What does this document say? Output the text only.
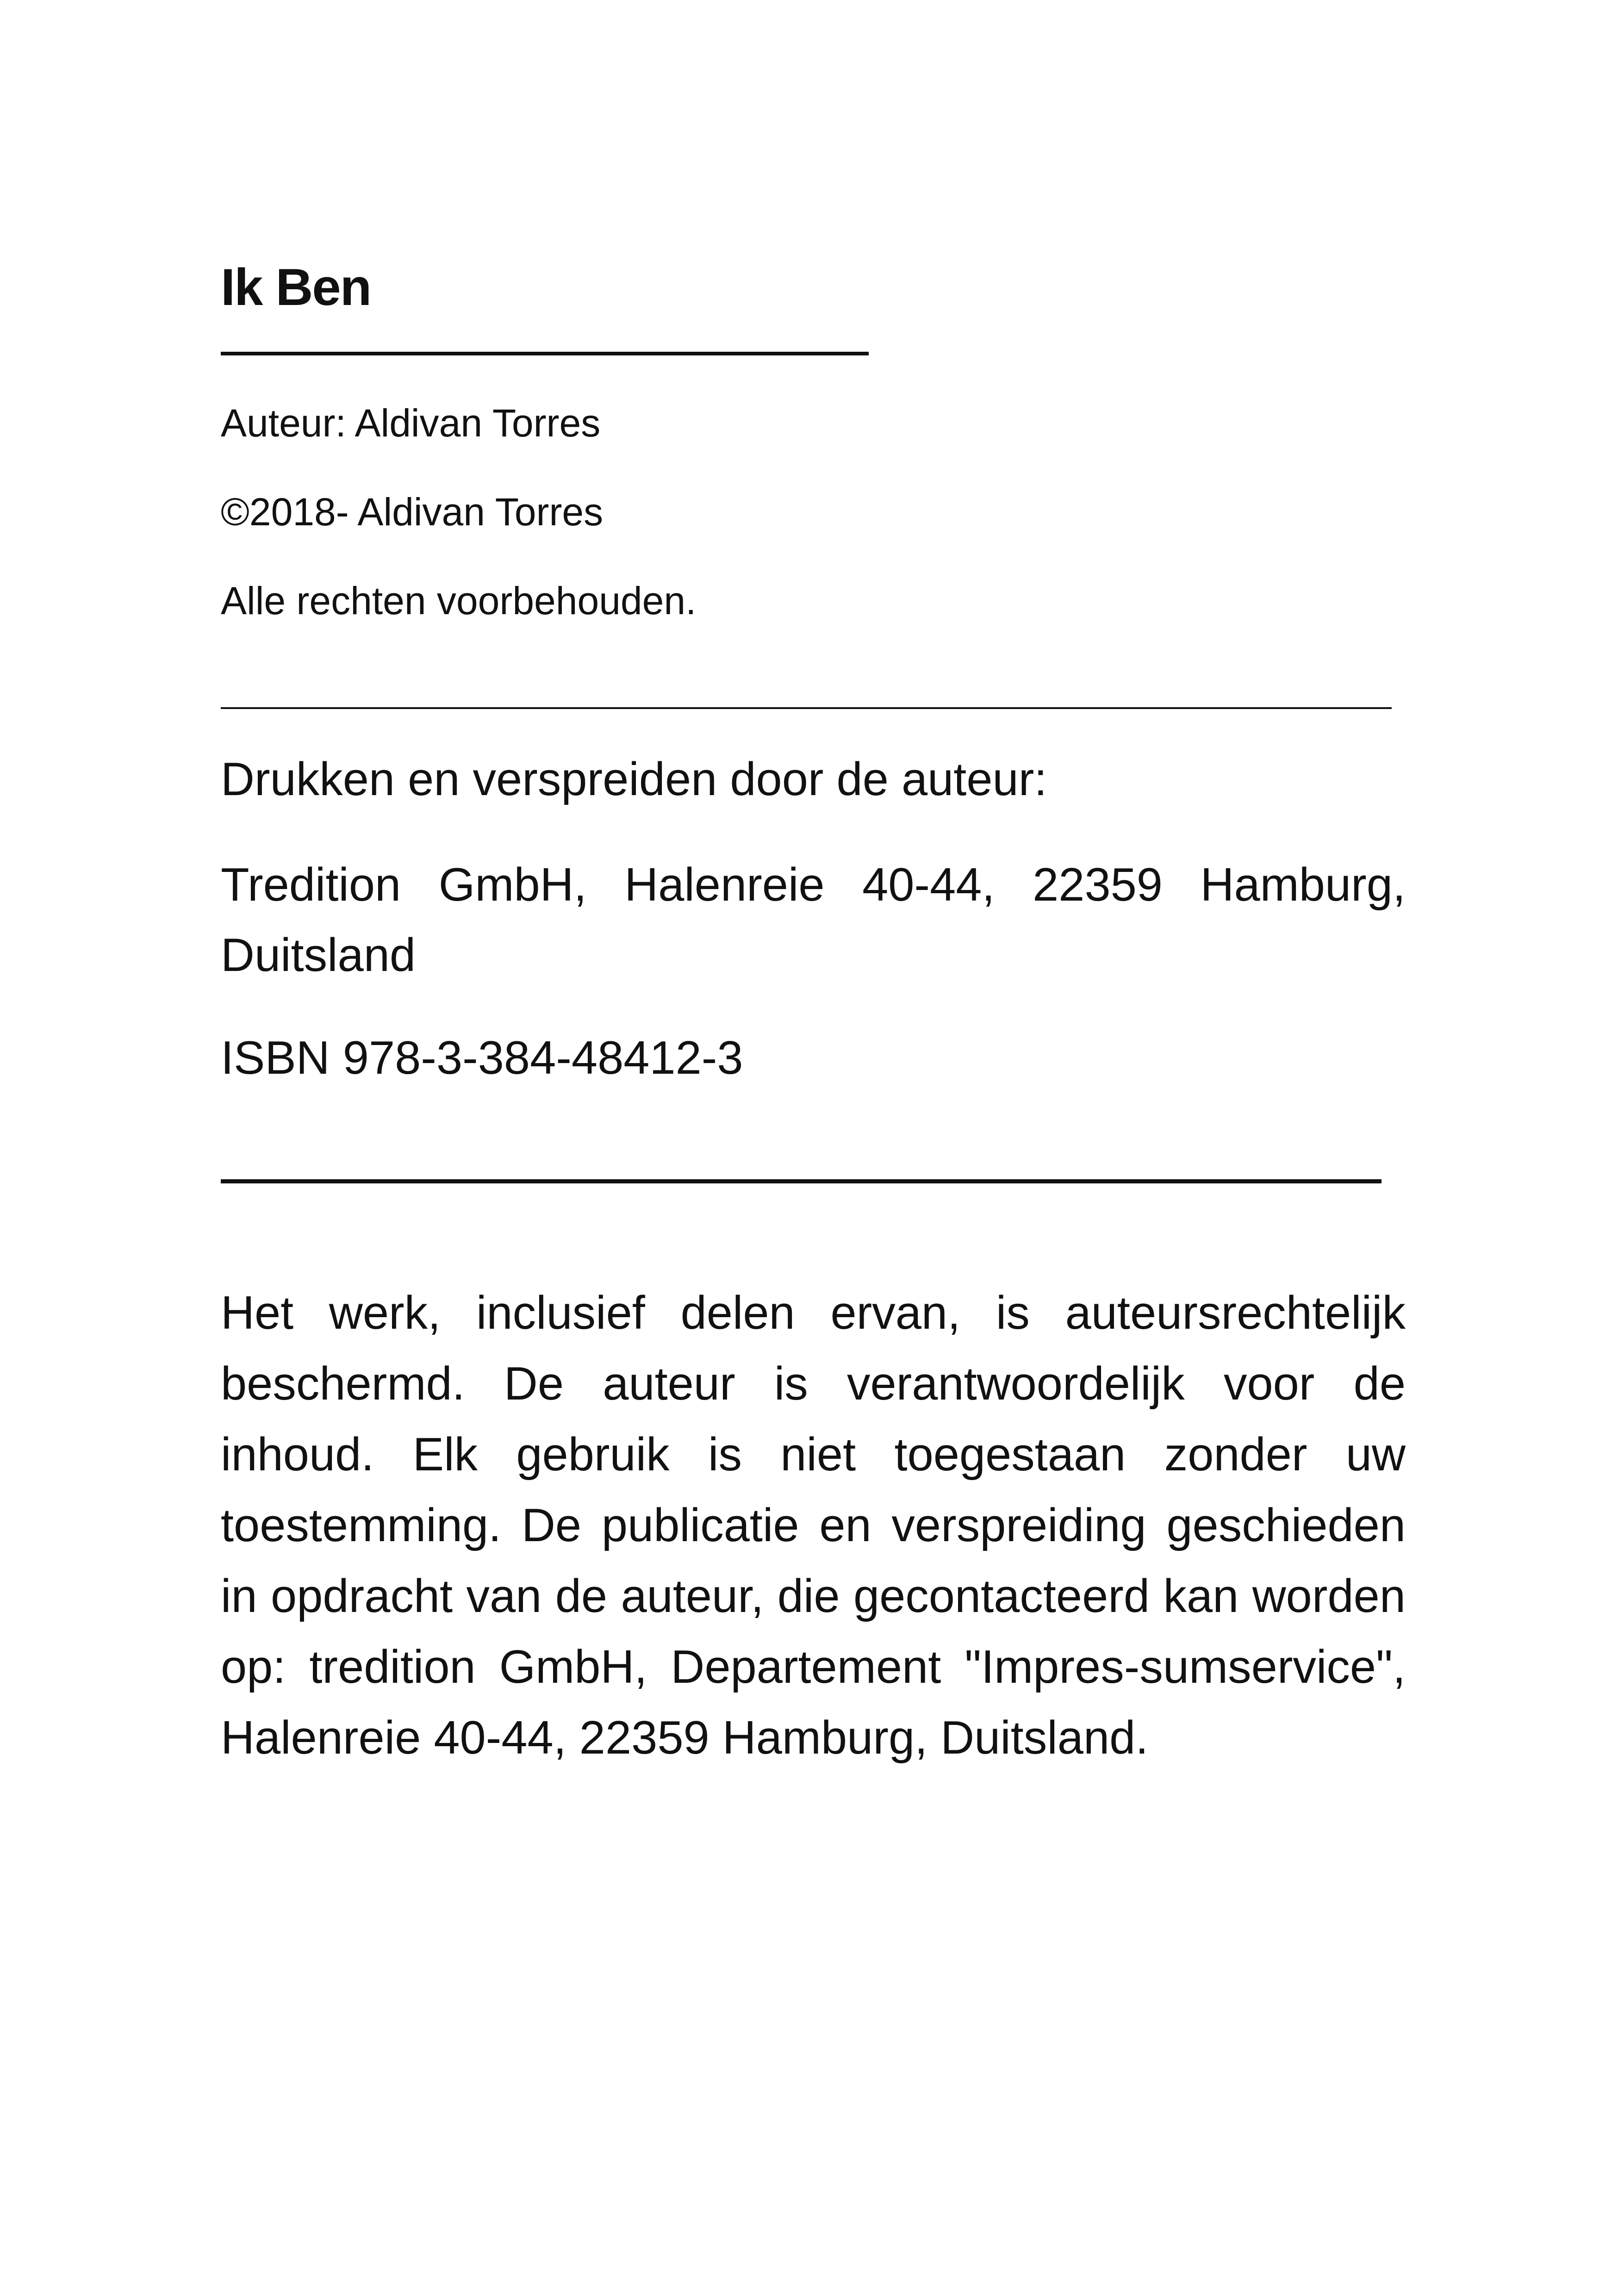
Ik Ben
Auteur: Aldivan Torres
©2018- Aldivan Torres
Alle rechten voorbehouden.
Drukken en verspreiden door de auteur:
Tredition GmbH, Halenreie 40-44, 22359 Hamburg, Duitsland
ISBN 978-3-384-48412-3

Het werk, inclusief delen ervan, is auteursrechtelijk beschermd. De auteur is verantwoordelijk voor de inhoud. Elk gebruik is niet toegestaan zonder uw toestemming. De publicatie en verspreiding geschieden in opdracht van de auteur, die gecontacteerd kan worden op: tredition GmbH, Departement "Impres-sumservice", Halenreie 40-44, 22359 Hamburg, Duitsland.
